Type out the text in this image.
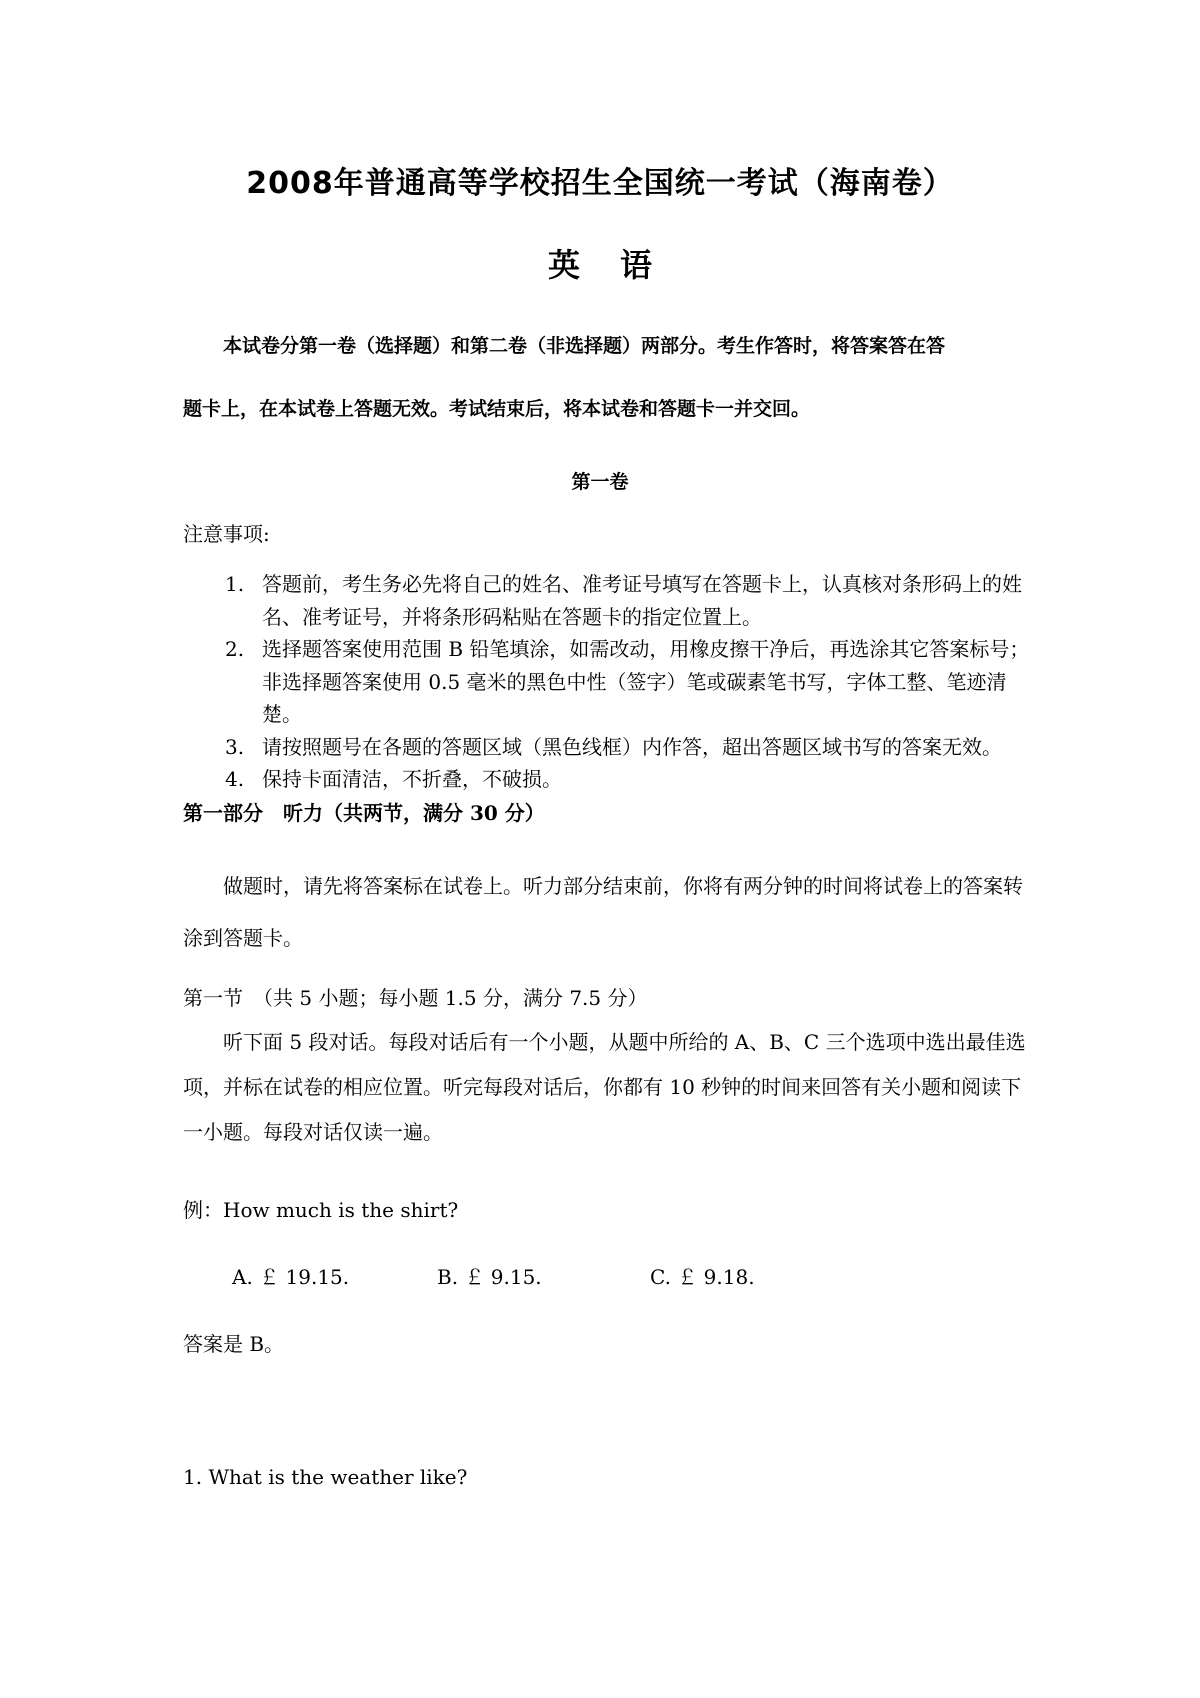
2008年普通高等学校招生全国统一考试（海南卷）
英语
本试卷分第一卷（选择题）和第二卷（非选择题）两部分。考生作答时，将答案答在答
题卡上，在本试卷上答题无效。考试结束后，将本试卷和答题卡一并交回。
第一卷
注意事项:
1. 答题前，考生务必先将自己的姓名、准考证号填写在答题卡上，认真核对条形码上的姓名、准考证号，并将条形码粘贴在答题卡的指定位置上。
2. 选择题答案使用范围 B 铅笔填涂，如需改动，用橡皮擦干净后，再选涂其它答案标号；非选择题答案使用 0.5 毫米的黑色中性（签字）笔或碳素笔书写，字体工整、笔迹清楚。
3. 请按照题号在各题的答题区域（黑色线框）内作答，超出答题区域书写的答案无效。
4. 保持卡面清洁，不折叠，不破损。
第一部分　听力（共两节，满分 30 分）
做题时，请先将答案标在试卷上。听力部分结束前，你将有两分钟的时间将试卷上的答案转涂到答题卡。
第一节　（共 5 小题；每小题 1.5 分，满分 7.5 分）
听下面 5 段对话。每段对话后有一个小题，从题中所给的 A、B、C 三个选项中选出最佳选项，并标在试卷的相应位置。听完每段对话后，你都有 10 秒钟的时间来回答有关小题和阅读下一小题。每段对话仅读一遍。
例：How much is the shirt?
A. ￡ 19.15.	B. ￡ 9.15.	C. ￡ 9.18.
答案是 B。
1. What is the weather like?
